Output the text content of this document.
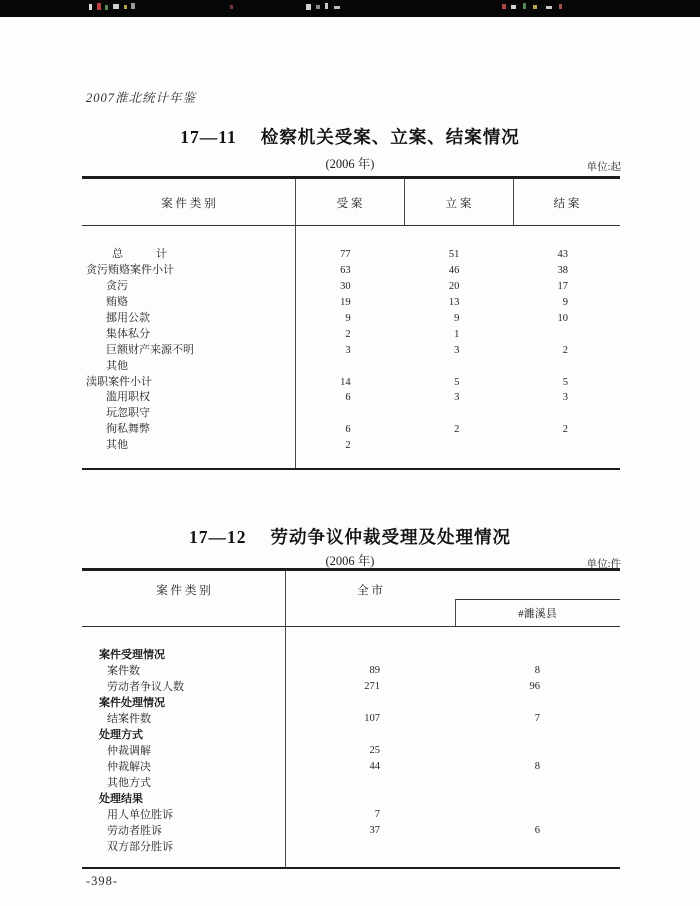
2007淮北统计年鉴
17—11 检察机关受案、立案、结案情况
(2006 年)	单位:起
案 件 类 别	受 案	立 案	结 案
总　　　计	77	51	43
贪污贿赂案件小计	63	46	38
贪污	30	20	17
贿赂	19	13	9
挪用公款	9	9	10
集体私分	2	1
巨额财产来源不明	3	3	2
其他
渎职案件小计	14	5	5
滥用职权	6	3	3
玩忽职守
徇私舞弊	6	2	2
其他	2
17—12 劳动争议仲裁受理及处理情况
(2006 年)	单位:件
案 件 类 别	全 市
#濉溪县
案件受理情况
案件数	89	8
劳动者争议人数	271	96
案件处理情况
结案件数	107	7
处理方式
仲裁调解	25
仲裁解决	44	8
其他方式
处理结果
用人单位胜诉	7
劳动者胜诉	37	6
双方部分胜诉
-398-
